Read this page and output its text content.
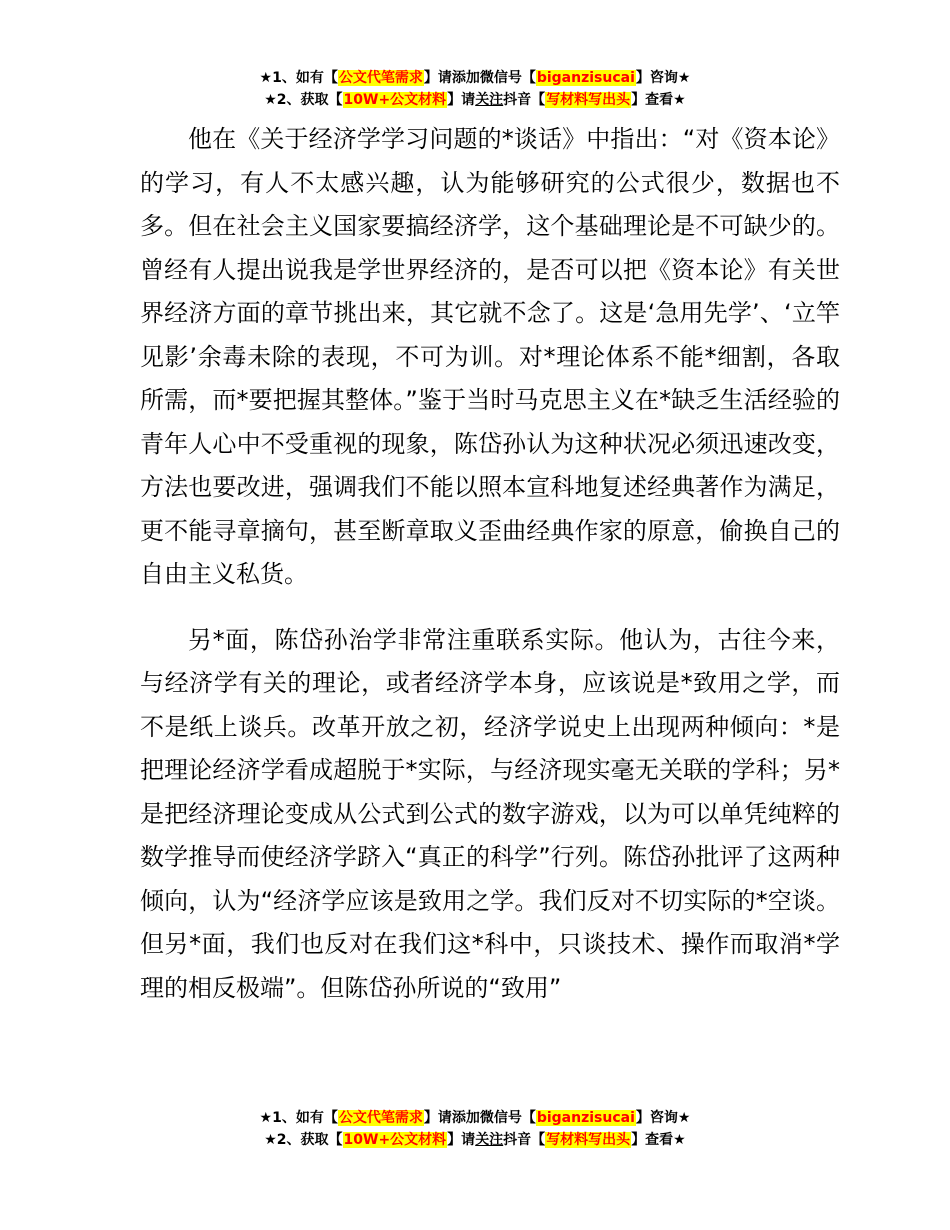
★1、如有【公文代笔需求】请添加微信号【biganzisucai】咨询★
★2、获取【10W+公文材料】请关注抖音【写材料写出头】查看★

他在《关于经济学学习问题的*谈话》中指出：“对《资本论》的学习，有人不太感兴趣，认为能够研究的公式很少，数据也不多。但在社会主义国家要搞经济学，这个基础理论是不可缺少的。曾经有人提出说我是学世界经济的，是否可以把《资本论》有关世界经济方面的章节挑出来，其它就不念了。这是‘急用先学’、‘立竿见影’余毒未除的表现，不可为训。对*理论体系不能*细割，各取所需，而*要把握其整体。”鉴于当时马克思主义在*缺乏生活经验的青年人心中不受重视的现象，陈岱孙认为这种状况必须迅速改变，方法也要改进，强调我们不能以照本宣科地复述经典著作为满足，更不能寻章摘句，甚至断章取义歪曲经典作家的原意，偷换自己的自由主义私货。

另*面，陈岱孙治学非常注重联系实际。他认为，古往今来，与经济学有关的理论，或者经济学本身，应该说是*致用之学，而不是纸上谈兵。改革开放之初，经济学说史上出现两种倾向：*是把理论经济学看成超脱于*实际，与经济现实毫无关联的学科；另*是把经济理论变成从公式到公式的数字游戏，以为可以单凭纯粹的数学推导而使经济学跻入“真正的科学”行列。陈岱孙批评了这两种倾向，认为“经济学应该是致用之学。我们反对不切实际的*空谈。但另*面，我们也反对在我们这*科中，只谈技术、操作而取消*学理的相反极端”。但陈岱孙所说的“致用”

★1、如有【公文代笔需求】请添加微信号【biganzisucai】咨询★
★2、获取【10W+公文材料】请关注抖音【写材料写出头】查看★
